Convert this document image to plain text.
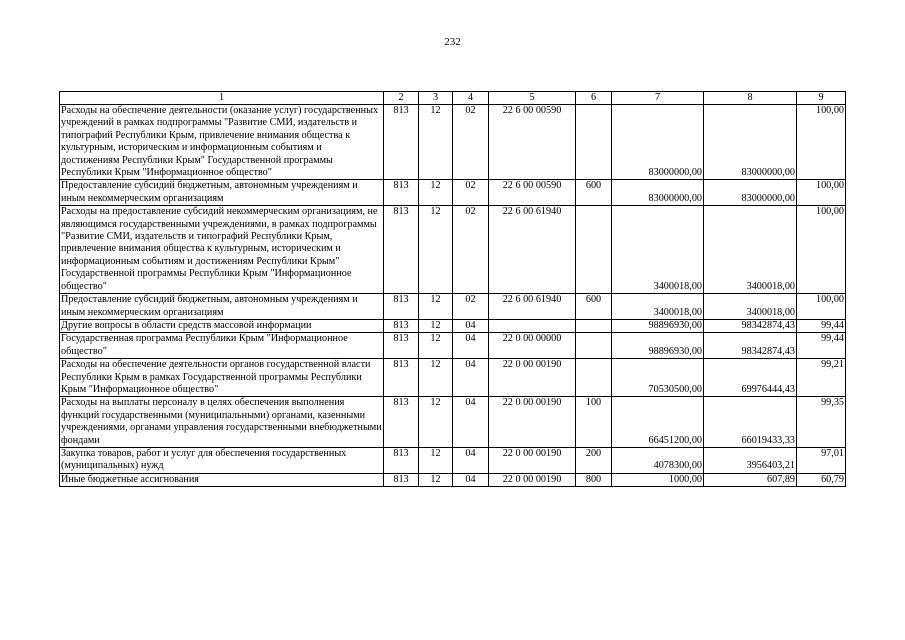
232
1	2	3	4	5	6	7	8	9
Расходы на обеспечение деятельности (оказание услуг) государственных учреждений в рамках подпрограммы "Развитие СМИ, издательств и типографий Республики Крым, привлечение внимания общества к культурным, историческим и информационным событиям и достижениям Республики Крым" Государственной программы Республики Крым "Информационное общество"	813	12	02	22 6 00 00590		83000000,00	83000000,00	100,00
Предоставление субсидий бюджетным, автономным учреждениям и иным некоммерческим организациям	813	12	02	22 6 00 00590	600	83000000,00	83000000,00	100,00
Расходы на предоставление субсидий некоммерческим организациям, не являющимся государственными учреждениями, в рамках подпрограммы "Развитие СМИ, издательств и типографий Республики Крым, привлечение внимания общества к культурным, историческим и информационным событиям и достижениям Республики Крым" Государственной программы Республики Крым "Информационное общество"	813	12	02	22 6 00 61940		3400018,00	3400018,00	100,00
Предоставление субсидий бюджетным, автономным учреждениям и иным некоммерческим организациям	813	12	02	22 6 00 61940	600	3400018,00	3400018,00	100,00
Другие вопросы в области средств массовой информации	813	12	04			98896930,00	98342874,43	99,44
Государственная программа Республики Крым "Информационное общество"	813	12	04	22 0 00 00000		98896930,00	98342874,43	99,44
Расходы на обеспечение деятельности органов государственной власти Республики Крым в рамках Государственной программы Республики Крым "Информационное общество"	813	12	04	22 0 00 00190		70530500,00	69976444,43	99,21
Расходы на выплаты персоналу в целях обеспечения выполнения функций государственными (муниципальными) органами, казенными учреждениями, органами управления государственными внебюджетными фондами	813	12	04	22 0 00 00190	100	66451200,00	66019433,33	99,35
Закупка товаров, работ и услуг для обеспечения государственных (муниципальных) нужд	813	12	04	22 0 00 00190	200	4078300,00	3956403,21	97,01
Иные бюджетные ассигнования	813	12	04	22 0 00 00190	800	1000,00	607,89	60,79
